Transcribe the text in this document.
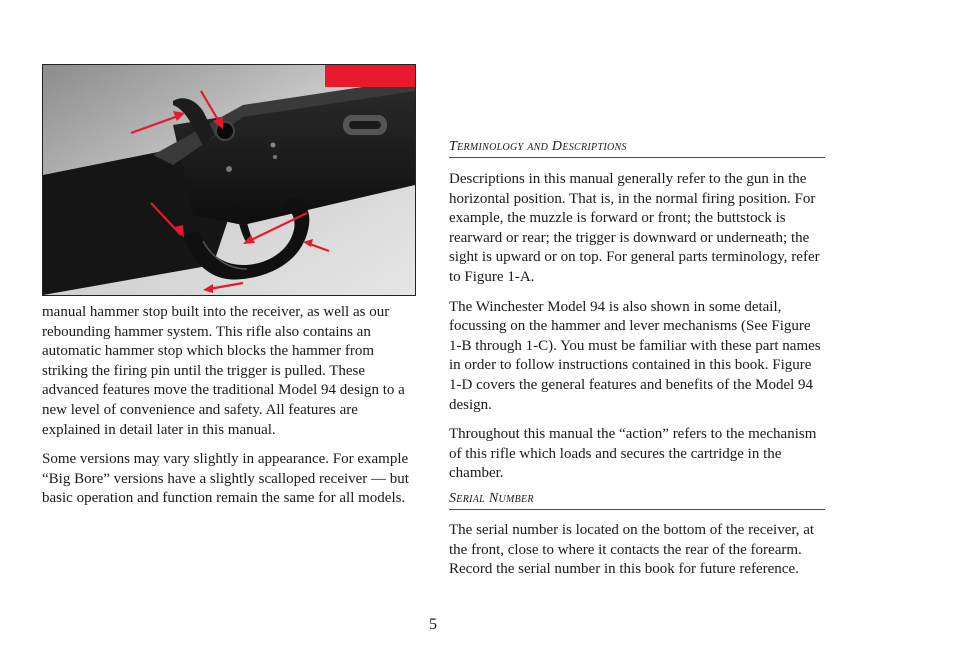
manual hammer stop built into the receiver, as well as our rebounding hammer system. This rifle also contains an automatic hammer stop which blocks the hammer from striking the firing pin until the trigger is pulled. These advanced features move the traditional Model 94 design to a new level of convenience and safety. All features are explained in detail later in this manual.

Some versions may vary slightly in appearance. For example “Big Bore” versions have a slightly scalloped receiver — but basic operation and function remain the same for all models.

Terminology and Descriptions

Descriptions in this manual generally refer to the gun in the horizontal position. That is, in the normal firing position. For example, the muzzle is forward or front; the buttstock is rearward or rear; the trigger is downward or underneath; the sight is upward or on top. For general parts terminology, refer to Figure 1-A.

The Winchester Model 94 is also shown in some detail, focussing on the hammer and lever mechanisms (See Figure 1-B through 1-C). You must be familiar with these part names in order to follow instructions contained in this book. Figure 1-D covers the general features and benefits of the Model 94 design.

Throughout this manual the “action” refers to the mechanism of this rifle which loads and secures the cartridge in the chamber.

Serial Number

The serial number is located on the bottom of the receiver, at the front, close to where it contacts the rear of the forearm. Record the serial number in this book for future reference.

5
